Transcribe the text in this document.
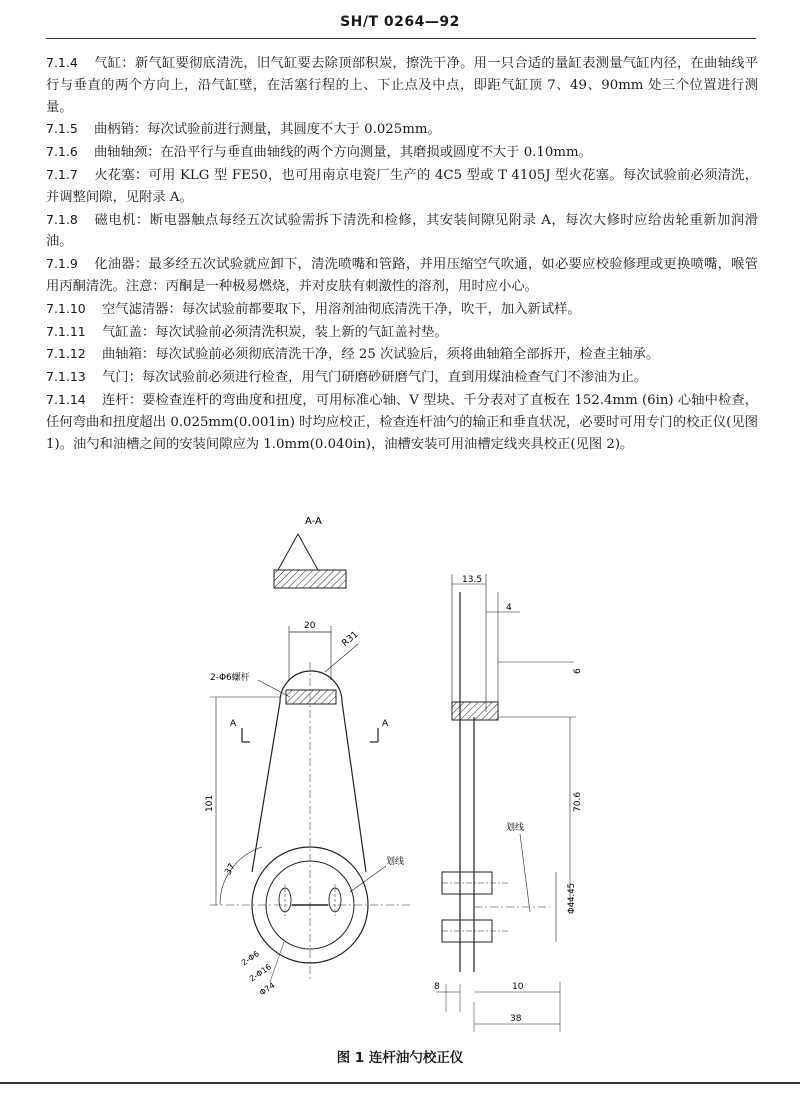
SH/T 0264—92

7.1.4 气缸：新气缸要彻底清洗，旧气缸要去除顶部积炭，擦洗干净。用一只合适的量缸表测量气缸内径，在曲轴线平行与垂直的两个方向上，沿气缸壁，在活塞行程的上、下止点及中点，即距气缸顶 7、49、90mm 处三个位置进行测量。

7.1.5 曲柄销：每次试验前进行测量，其圆度不大于 0.025mm。

7.1.6 曲轴轴颈：在沿平行与垂直曲轴线的两个方向测量，其磨损或圆度不大于 0.10mm。

7.1.7 火花塞：可用 KLG 型 FE50，也可用南京电瓷厂生产的 4C5 型或 T 4105J 型火花塞。每次试验前必须清洗，并调整间隙，见附录 A。

7.1.8 磁电机：断电器触点每经五次试验需拆下清洗和检修，其安装间隙见附录 A，每次大修时应给齿轮重新加润滑油。

7.1.9 化油器：最多经五次试验就应卸下，清洗喷嘴和管路，并用压缩空气吹通，如必要应校验修理或更换喷嘴，喉管用丙酮清洗。注意：丙酮是一种极易燃烧，并对皮肤有刺激性的溶剂，用时应小心。

7.1.10 空气滤清器：每次试验前都要取下，用溶剂油彻底清洗干净，吹干，加入新试样。

7.1.11 气缸盖：每次试验前必须清洗积炭，装上新的气缸盖衬垫。

7.1.12 曲轴箱：每次试验前必须彻底清洗干净，经 25 次试验后，须将曲轴箱全部拆开，检查主轴承。

7.1.13 气门：每次试验前必须进行检查，用气门研磨砂研磨气门，直到用煤油检查气门不渗油为止。

7.1.14 连杆：要检查连杆的弯曲度和扭度，可用标准心轴、V 型块、千分表对了直板在 152.4mm (6in) 心轴中检查，任何弯曲和扭度超出 0.025mm(0.001in) 时均应校正，检查连杆油勺的输正和垂直状况，必要时可用专门的校正仪(见图 1)。油勺和油槽之间的安装间隙应为 1.0mm(0.040in)，油槽安装可用油槽定线夹具校正(见图 2)。

A-A
20
R31
2-Φ6螺杆
A	A
101
37
划线
2-Φ6
2-Φ16
Φ74
13.5
4
6
70.6
划线
Φ44.45
8	10
38
图 1 连杆油勺校正仪
